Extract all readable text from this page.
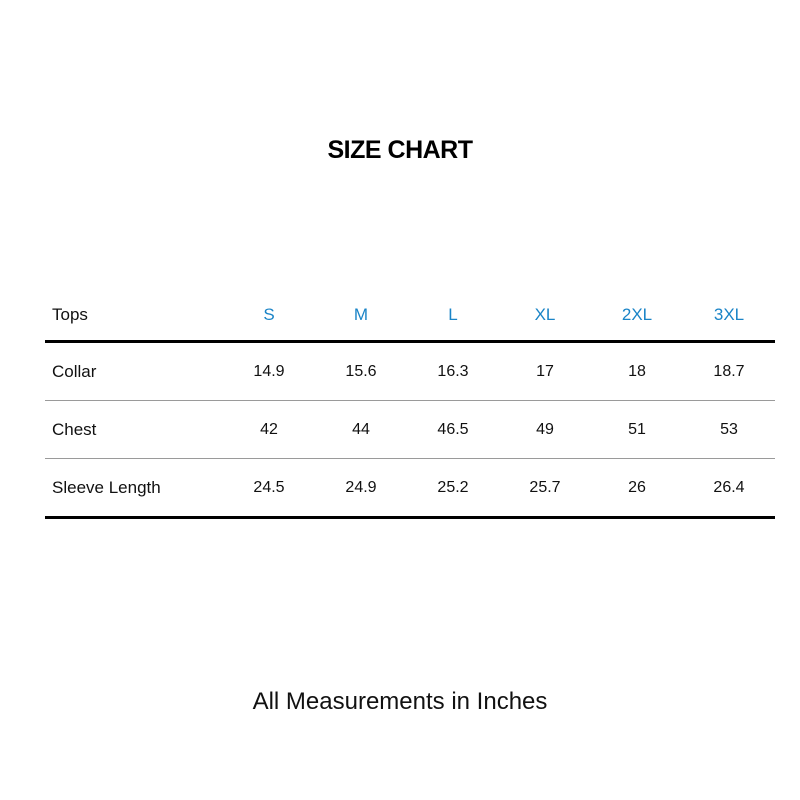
SIZE CHART
Tops	S	M	L	XL	2XL	3XL
Collar	14.9	15.6	16.3	17	18	18.7
Chest	42	44	46.5	49	51	53
Sleeve Length	24.5	24.9	25.2	25.7	26	26.4
All Measurements in Inches
